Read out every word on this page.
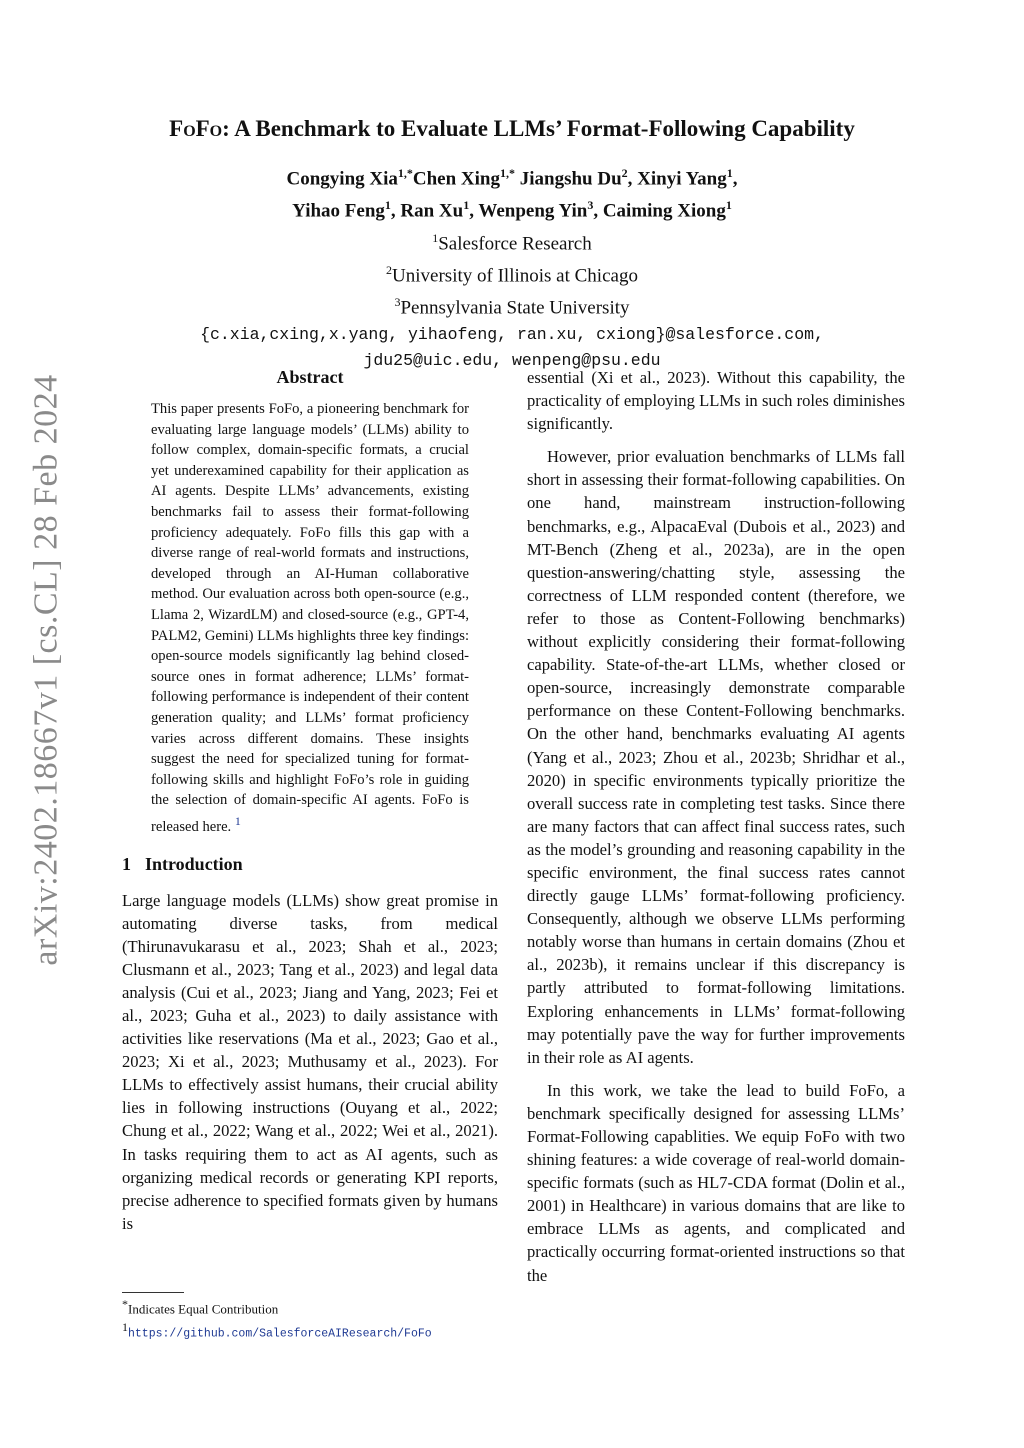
arXiv:2402.18667v1 [cs.CL] 28 Feb 2024
FoFo: A Benchmark to Evaluate LLMs’ Format-Following Capability
Congying Xia$^{1,*}$Chen Xing$^{1,*}$ Jiangshu Du$^2$, Xinyi Yang$^1$,
Yihao Feng$^1$, Ran Xu$^1$, Wenpeng Yin$^3$, Caiming Xiong$^1$
$^1$Salesforce Research
$^2$University of Illinois at Chicago
$^3$Pennsylvania State University
{c.xia,cxing,x.yang, yihaofeng, ran.xu, cxiong}@salesforce.com,
jdu25@uic.edu, wenpeng@psu.edu
Abstract

This paper presents FoFo, a pioneering benchmark for evaluating large language models’ (LLMs) ability to follow complex, domain-specific formats, a crucial yet underexamined capability for their application as AI agents. Despite LLMs’ advancements, existing benchmarks fail to assess their format-following proficiency adequately. FoFo fills this gap with a diverse range of real-world formats and instructions, developed through an AI-Human collaborative method. Our evaluation across both open-source (e.g., Llama 2, WizardLM) and closed-source (e.g., GPT-4, PALM2, Gemini) LLMs highlights three key findings: open-source models significantly lag behind closed-source ones in format adherence; LLMs’ format-following performance is independent of their content generation quality; and LLMs’ format proficiency varies across different domains. These insights suggest the need for specialized tuning for format-following skills and highlight FoFo’s role in guiding the selection of domain-specific AI agents. FoFo is released here. $^1$

1 Introduction

Large language models (LLMs) show great promise in automating diverse tasks, from medical (Thirunavukarasu et al., 2023; Shah et al., 2023; Clusmann et al., 2023; Tang et al., 2023) and legal data analysis (Cui et al., 2023; Jiang and Yang, 2023; Fei et al., 2023; Guha et al., 2023) to daily assistance with activities like reservations (Ma et al., 2023; Gao et al., 2023; Xi et al., 2023; Muthusamy et al., 2023). For LLMs to effectively assist humans, their crucial ability lies in following instructions (Ouyang et al., 2022; Chung et al., 2022; Wang et al., 2022; Wei et al., 2021). In tasks requiring them to act as AI agents, such as organizing medical records or generating KPI reports, precise adherence to specified formats given by humans is

essential (Xi et al., 2023). Without this capability, the practicality of employing LLMs in such roles diminishes significantly.

However, prior evaluation benchmarks of LLMs fall short in assessing their format-following capabilities. On one hand, mainstream instruction-following benchmarks, e.g., AlpacaEval (Dubois et al., 2023) and MT-Bench (Zheng et al., 2023a), are in the open question-answering/chatting style, assessing the correctness of LLM responded content (therefore, we refer to those as Content-Following benchmarks) without explicitly considering their format-following capability. State-of-the-art LLMs, whether closed or open-source, increasingly demonstrate comparable performance on these Content-Following benchmarks. On the other hand, benchmarks evaluating AI agents (Yang et al., 2023; Zhou et al., 2023b; Shridhar et al., 2020) in specific environments typically prioritize the overall success rate in completing test tasks. Since there are many factors that can affect final success rates, such as the model’s grounding and reasoning capability in the specific environment, the final success rates cannot directly gauge LLMs’ format-following proficiency. Consequently, although we observe LLMs performing notably worse than humans in certain domains (Zhou et al., 2023b), it remains unclear if this discrepancy is partly attributed to format-following limitations. Exploring enhancements in LLMs’ format-following may potentially pave the way for further improvements in their role as AI agents.

In this work, we take the lead to build FoFo, a benchmark specifically designed for assessing LLMs’ Format-Following capablities. We equip FoFo with two shining features: a wide coverage of real-world domain-specific formats (such as HL7-CDA format (Dolin et al., 2001) in Healthcare) in various domains that are like to embrace LLMs as agents, and complicated and practically occurring format-oriented instructions so that the

*Indicates Equal Contribution
$^1$https://github.com/SalesforceAIResearch/FoFo
